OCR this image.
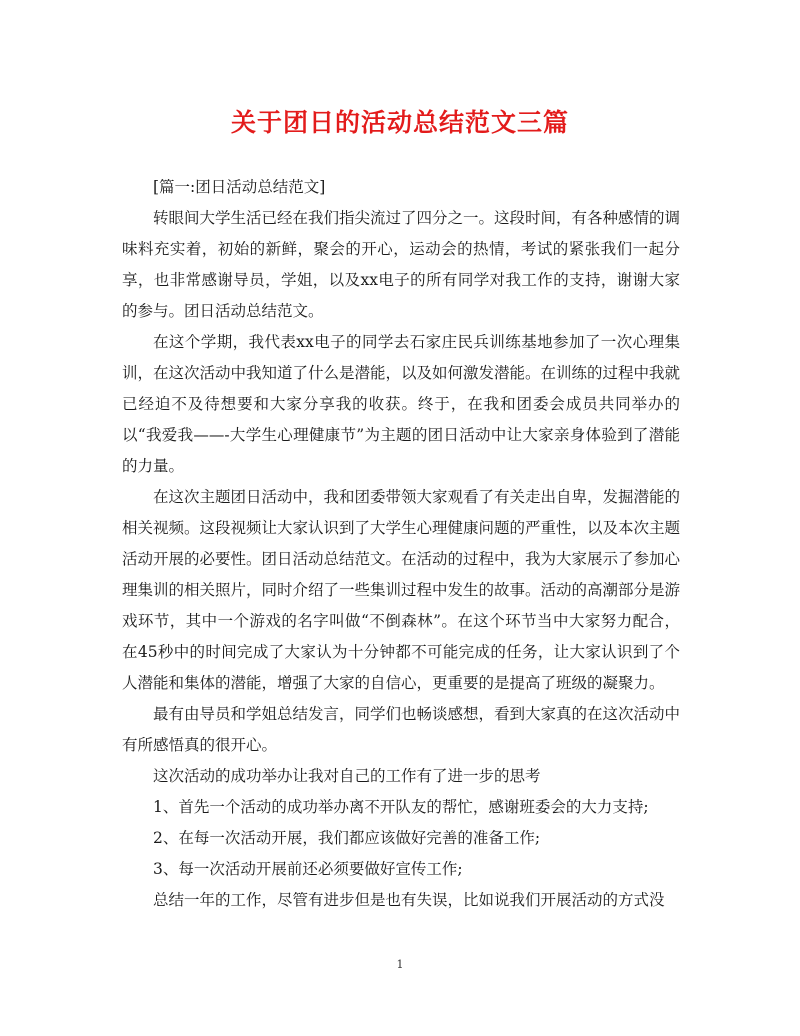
关于团日的活动总结范文三篇

[篇一:团日活动总结范文]

转眼间大学生活已经在我们指尖流过了四分之一。这段时间，有各种感情的调味料充实着，初始的新鲜，聚会的开心，运动会的热情，考试的紧张我们一起分享，也非常感谢导员，学姐，以及xx电子的所有同学对我工作的支持，谢谢大家的参与。团日活动总结范文。

在这个学期，我代表xx电子的同学去石家庄民兵训练基地参加了一次心理集训，在这次活动中我知道了什么是潜能，以及如何激发潜能。在训练的过程中我就已经迫不及待想要和大家分享我的收获。终于，在我和团委会成员共同举办的以“我爱我——-大学生心理健康节”为主题的团日活动中让大家亲身体验到了潜能的力量。

在这次主题团日活动中，我和团委带领大家观看了有关走出自卑，发掘潜能的相关视频。这段视频让大家认识到了大学生心理健康问题的严重性，以及本次主题活动开展的必要性。团日活动总结范文。在活动的过程中，我为大家展示了参加心理集训的相关照片，同时介绍了一些集训过程中发生的故事。活动的高潮部分是游戏环节，其中一个游戏的名字叫做“不倒森林”。在这个环节当中大家努力配合，在45秒中的时间完成了大家认为十分钟都不可能完成的任务，让大家认识到了个人潜能和集体的潜能，增强了大家的自信心，更重要的是提高了班级的凝聚力。

最有由导员和学姐总结发言，同学们也畅谈感想，看到大家真的在这次活动中有所感悟真的很开心。

这次活动的成功举办让我对自己的工作有了进一步的思考

1、首先一个活动的成功举办离不开队友的帮忙，感谢班委会的大力支持;

2、在每一次活动开展，我们都应该做好完善的准备工作;

3、每一次活动开展前还必须要做好宣传工作;

总结一年的工作，尽管有进步但是也有失误，比如说我们开展活动的方式没

1
